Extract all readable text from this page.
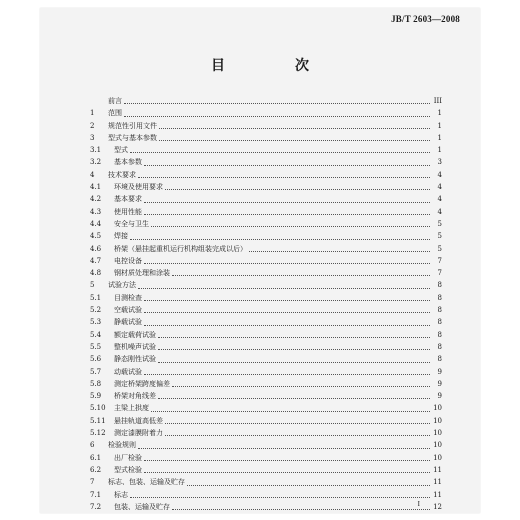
JB/T 2603—2008
目　次
前言	III
1	范围	1
2	规范性引用文件	1
3	型式与基本参数	1
3.1	型式	1
3.2	基本参数	3
4	技术要求	4
4.1	环境及使用要求	4
4.2	基本要求	4
4.3	使用性能	4
4.4	安全与卫生	5
4.5	焊接	5
4.6	桥架（悬挂起重机运行机构组装完成以后）	5
4.7	电控设备	7
4.8	钢材质处理和涂装	7
5	试验方法	8
5.1	目测检查	8
5.2	空载试验	8
5.3	静载试验	8
5.4	额定载荷试验	8
5.5	整机噪声试验	8
5.6	静态刚性试验	8
5.7	动载试验	9
5.8	测定桥架跨度偏差	9
5.9	桥架对角线差	9
5.10	主梁上拱度	10
5.11	悬挂轨道高低差	10
5.12	测定漆膜附着力	10
6	检验规则	10
6.1	出厂检验	10
6.2	型式检验	11
7	标志、包装、运输及贮存	11
7.1	标志	11
7.2	包装、运输及贮存	12
I
